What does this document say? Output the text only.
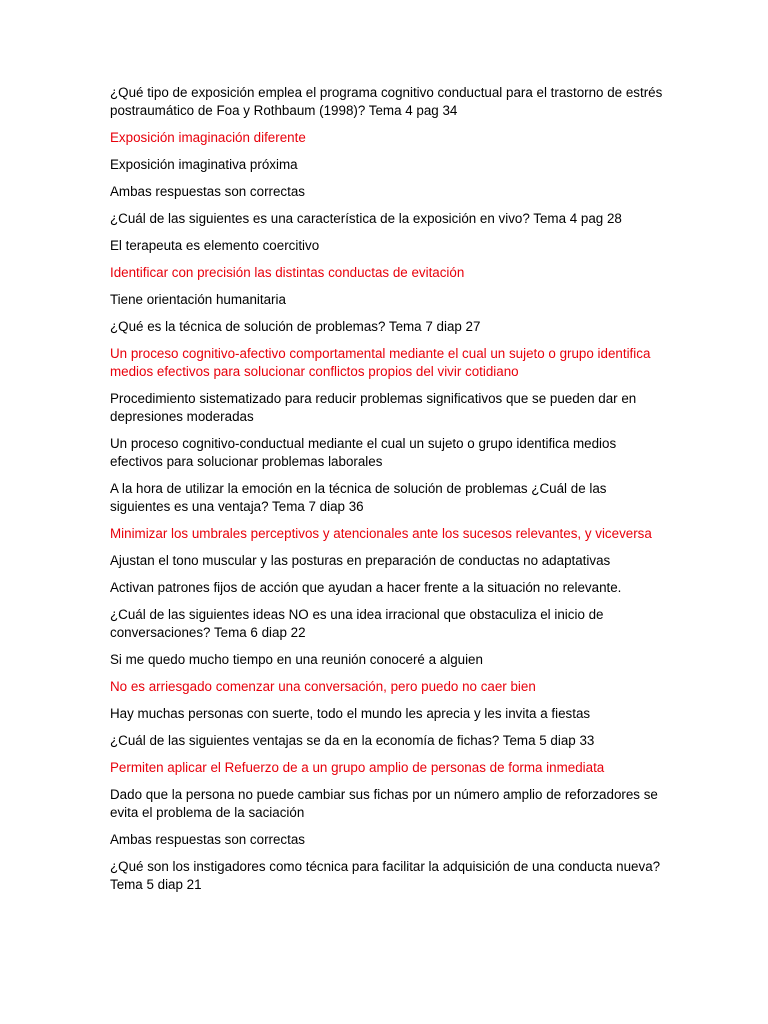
¿Qué tipo de exposición emplea el programa cognitivo conductual para el trastorno de estrés postraumático de Foa y Rothbaum (1998)? Tema 4 pag 34

Exposición imaginación diferente

Exposición imaginativa próxima

Ambas respuestas son correctas

¿Cuál de las siguientes es una característica de la exposición en vivo? Tema 4 pag 28

El terapeuta es elemento coercitivo

Identificar con precisión las distintas conductas de evitación

Tiene orientación humanitaria

¿Qué es la técnica de solución de problemas? Tema 7 diap 27

Un proceso cognitivo-afectivo comportamental mediante el cual un sujeto o grupo identifica medios efectivos para solucionar conflictos propios del vivir cotidiano

Procedimiento sistematizado para reducir problemas significativos que se pueden dar en depresiones moderadas

Un proceso cognitivo-conductual mediante el cual un sujeto o grupo identifica medios efectivos para solucionar problemas laborales

A la hora de utilizar la emoción en la técnica de solución de problemas ¿Cuál de las siguientes es una ventaja? Tema 7 diap 36

Minimizar los umbrales perceptivos y atencionales ante los sucesos relevantes, y viceversa

Ajustan el tono muscular y las posturas en preparación de conductas no adaptativas

Activan patrones fijos de acción que ayudan a hacer frente a la situación no relevante.

¿Cuál de las siguientes ideas NO es una idea irracional que obstaculiza el inicio de conversaciones? Tema 6 diap 22

Si me quedo mucho tiempo en una reunión conoceré a alguien

No es arriesgado comenzar una conversación, pero puedo no caer bien

Hay muchas personas con suerte, todo el mundo les aprecia y les invita a fiestas

¿Cuál de las siguientes ventajas se da en la economía de fichas? Tema 5 diap 33

Permiten aplicar el Refuerzo de a un grupo amplio de personas de forma inmediata

Dado que la persona no puede cambiar sus fichas por un número amplio de reforzadores se evita el problema de la saciación

Ambas respuestas son correctas

¿Qué son los instigadores como técnica para facilitar la adquisición de una conducta nueva? Tema 5 diap 21
